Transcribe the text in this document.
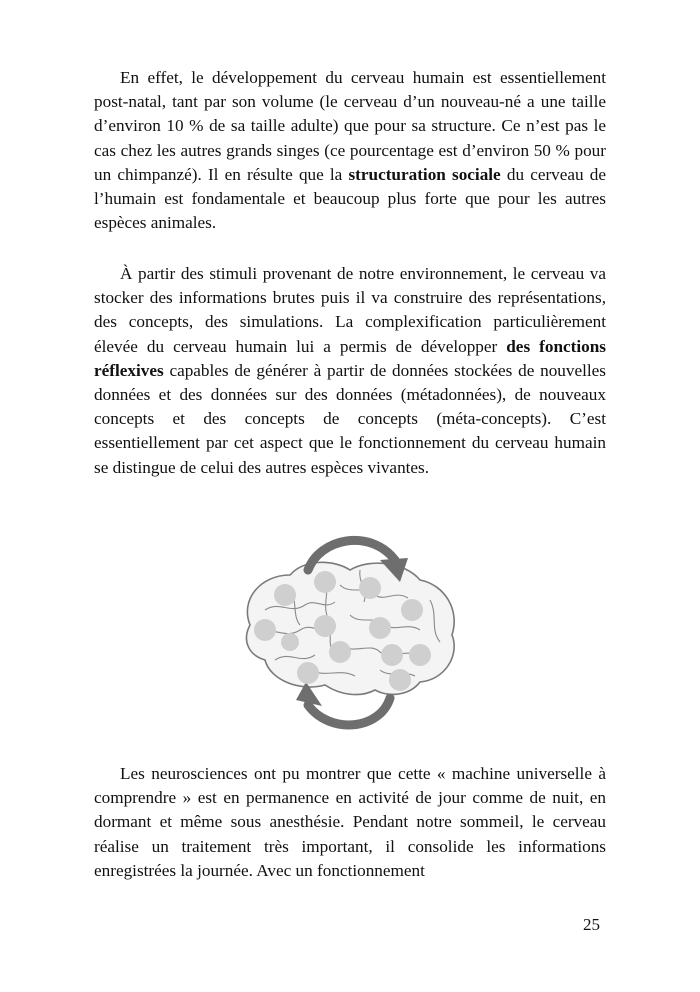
En effet, le développement du cerveau humain est essentiellement post-natal, tant par son volume (le cerveau d’un nouveau-né a une taille d’environ 10 % de sa taille adulte) que pour sa structure. Ce n’est pas le cas chez les autres grands singes (ce pourcentage est d’environ 50 % pour un chimpanzé). Il en résulte que la structuration sociale du cerveau de l’humain est fondamentale et beaucoup plus forte que pour les autres espèces animales.

À partir des stimuli provenant de notre environnement, le cerveau va stocker des informations brutes puis il va construire des représentations, des concepts, des simulations. La complexification particulièrement élevée du cerveau humain lui a permis de développer des fonctions réflexives capables de générer à partir de données stockées de nouvelles données et des données sur des données (métadonnées), de nouveaux concepts et des concepts de concepts (méta-concepts). C’est essentiellement par cet aspect que le fonctionnement du cerveau humain se distingue de celui des autres espèces vivantes.

Les neurosciences ont pu montrer que cette « machine universelle à comprendre » est en permanence en activité de jour comme de nuit, en dormant et même sous anesthésie. Pendant notre sommeil, le cerveau réalise un traitement très important, il consolide les informations enregistrées la journée. Avec un fonctionnement

25
